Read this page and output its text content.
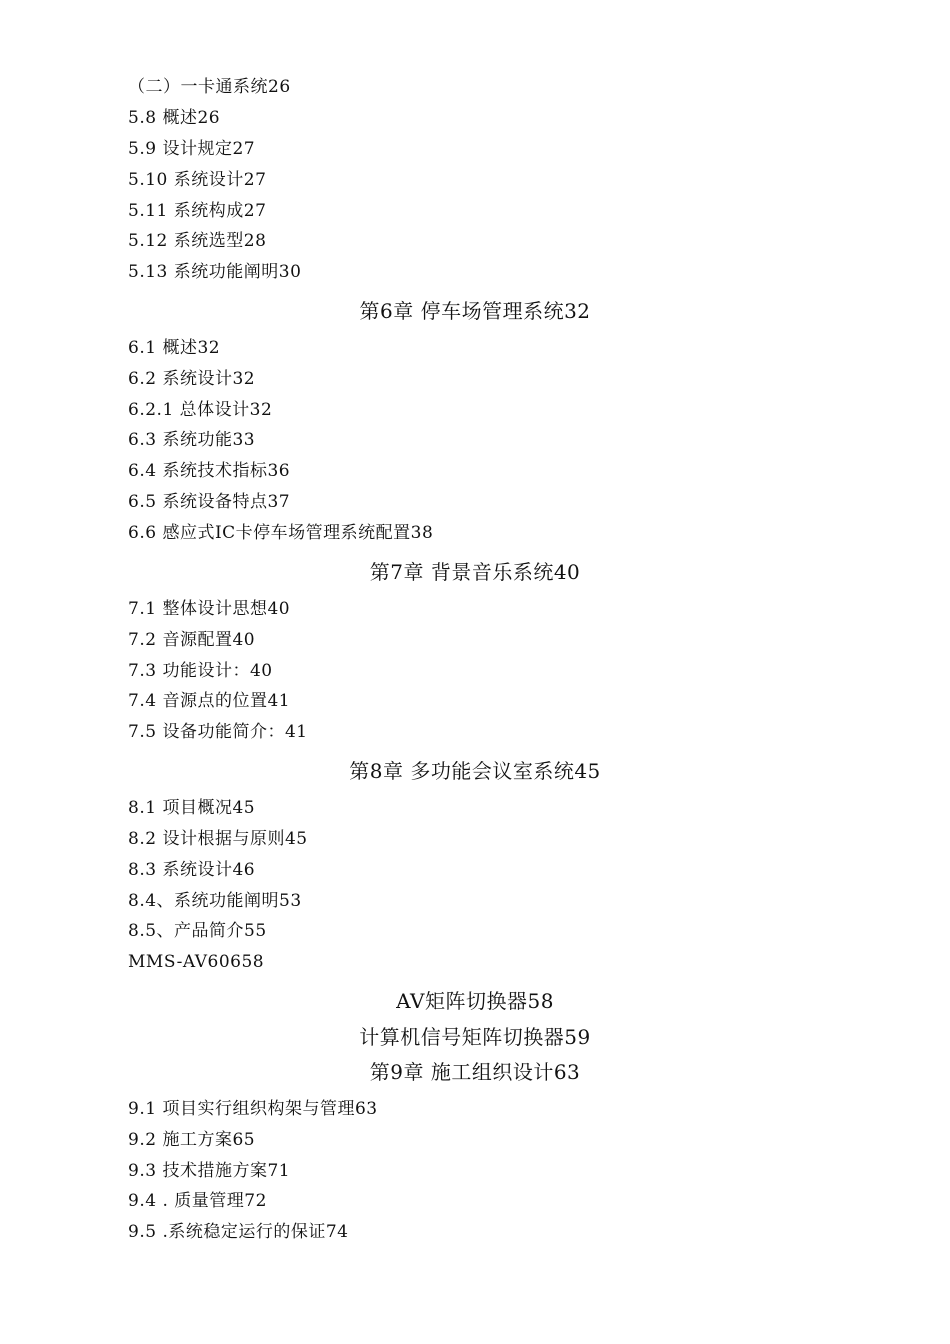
（二）一卡通系统26
5.8 概述26
5.9 设计规定27
5.10 系统设计27
5.11 系统构成27
5.12 系统选型28
5.13 系统功能阐明30
第6章 停车场管理系统32
6.1 概述32
6.2 系统设计32
6.2.1 总体设计32
6.3 系统功能33
6.4 系统技术指标36
6.5 系统设备特点37
6.6 感应式IC卡停车场管理系统配置38
第7章 背景音乐系统40
7.1 整体设计思想40
7.2 音源配置40
7.3 功能设计：40
7.4 音源点的位置41
7.5 设备功能简介：41
第8章 多功能会议室系统45
8.1 项目概况45
8.2 设计根据与原则45
8.3 系统设计46
8.4、系统功能阐明53
8.5、产品简介55
MMS-AV60658
AV矩阵切换器58
计算机信号矩阵切换器59
第9章 施工组织设计63
9.1 项目实行组织构架与管理63
9.2 施工方案65
9.3 技术措施方案71
9.4 . 质量管理72
9.5 .系统稳定运行的保证74
